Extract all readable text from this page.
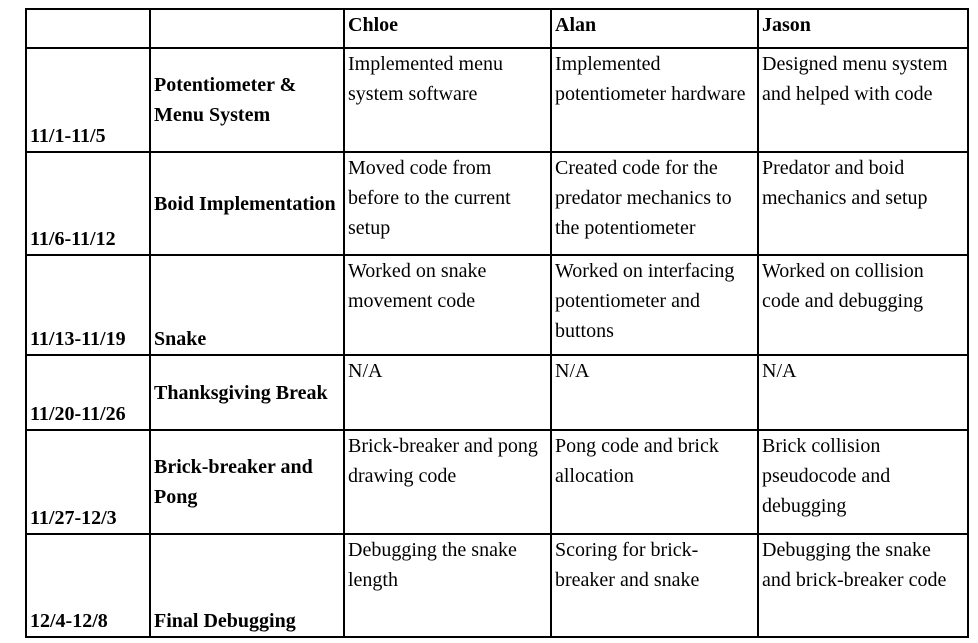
		Chloe	Alan	Jason
11/1-11/5	Potentiometer & Menu System	Implemented menu system software	Implemented potentiometer hardware	Designed menu system and helped with code
11/6-11/12	Boid Implementation	Moved code from before to the current setup	Created code for the predator mechanics to the potentiometer	Predator and boid mechanics and setup
11/13-11/19	Snake	Worked on snake movement code	Worked on interfacing potentiometer and buttons	Worked on collision code and debugging
11/20-11/26	Thanksgiving Break	N/A	N/A	N/A
11/27-12/3	Brick-breaker and Pong	Brick-breaker and pong drawing code	Pong code and brick allocation	Brick collision pseudocode and debugging
12/4-12/8	Final Debugging	Debugging the snake length	Scoring for brick-breaker and snake	Debugging the snake and brick-breaker code
